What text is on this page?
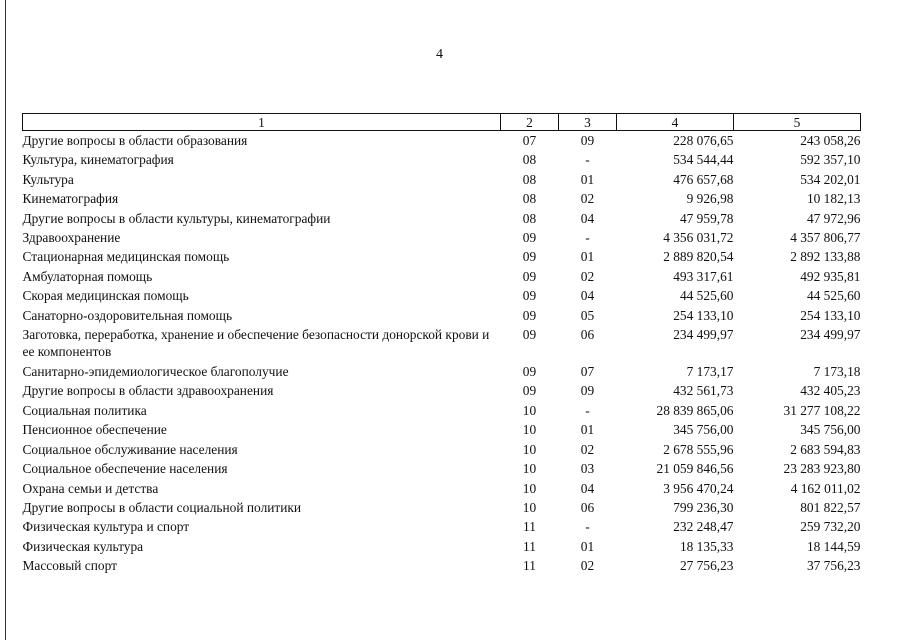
4
1	2	3	4	5
Другие вопросы в области образования	07	09	228 076,65	243 058,26
Культура, кинематография	08	-	534 544,44	592 357,10
Культура	08	01	476 657,68	534 202,01
Кинематография	08	02	9 926,98	10 182,13
Другие вопросы в области культуры, кинематографии	08	04	47 959,78	47 972,96
Здравоохранение	09	-	4 356 031,72	4 357 806,77
Стационарная медицинская помощь	09	01	2 889 820,54	2 892 133,88
Амбулаторная помощь	09	02	493 317,61	492 935,81
Скорая медицинская помощь	09	04	44 525,60	44 525,60
Санаторно-оздоровительная помощь	09	05	254 133,10	254 133,10
Заготовка, переработка, хранение и обеспечение безопасности донорской крови и ее компонентов	09	06	234 499,97	234 499,97
Санитарно-эпидемиологическое благополучие	09	07	7 173,17	7 173,18
Другие вопросы в области здравоохранения	09	09	432 561,73	432 405,23
Социальная политика	10	-	28 839 865,06	31 277 108,22
Пенсионное обеспечение	10	01	345 756,00	345 756,00
Социальное обслуживание населения	10	02	2 678 555,96	2 683 594,83
Социальное обеспечение населения	10	03	21 059 846,56	23 283 923,80
Охрана семьи и детства	10	04	3 956 470,24	4 162 011,02
Другие вопросы в области социальной политики	10	06	799 236,30	801 822,57
Физическая культура и спорт	11	-	232 248,47	259 732,20
Физическая культура	11	01	18 135,33	18 144,59
Массовый спорт	11	02	27 756,23	37 756,23
